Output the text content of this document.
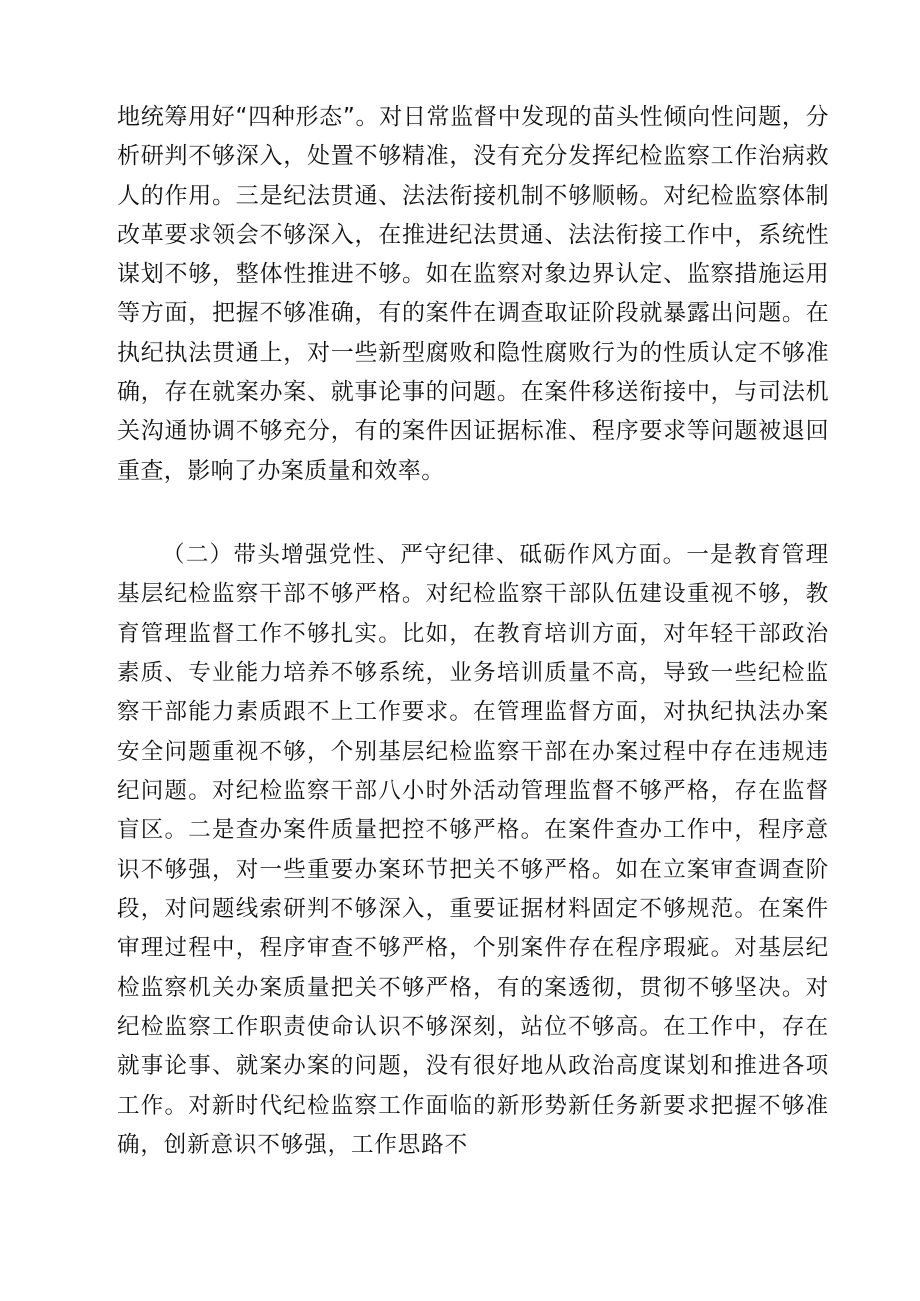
地统筹用好“四种形态”。对日常监督中发现的苗头性倾向性问题，分析研判不够深入，处置不够精准，没有充分发挥纪检监察工作治病救人的作用。三是纪法贯通、法法衔接机制不够顺畅。对纪检监察体制改革要求领会不够深入，在推进纪法贯通、法法衔接工作中，系统性谋划不够，整体性推进不够。如在监察对象边界认定、监察措施运用等方面，把握不够准确，有的案件在调查取证阶段就暴露出问题。在执纪执法贯通上，对一些新型腐败和隐性腐败行为的性质认定不够准确，存在就案办案、就事论事的问题。在案件移送衔接中，与司法机关沟通协调不够充分，有的案件因证据标准、程序要求等问题被退回重查，影响了办案质量和效率。

（二）带头增强党性、严守纪律、砥砺作风方面。一是教育管理基层纪检监察干部不够严格。对纪检监察干部队伍建设重视不够，教育管理监督工作不够扎实。比如，在教育培训方面，对年轻干部政治素质、专业能力培养不够系统，业务培训质量不高，导致一些纪检监察干部能力素质跟不上工作要求。在管理监督方面，对执纪执法办案安全问题重视不够，个别基层纪检监察干部在办案过程中存在违规违纪问题。对纪检监察干部八小时外活动管理监督不够严格，存在监督盲区。二是查办案件质量把控不够严格。在案件查办工作中，程序意识不够强，对一些重要办案环节把关不够严格。如在立案审查调查阶段，对问题线索研判不够深入，重要证据材料固定不够规范。在案件审理过程中，程序审查不够严格，个别案件存在程序瑕疵。对基层纪检监察机关办案质量把关不够严格，有的案透彻，贯彻不够坚决。对纪检监察工作职责使命认识不够深刻，站位不够高。在工作中，存在就事论事、就案办案的问题，没有很好地从政治高度谋划和推进各项工作。对新时代纪检监察工作面临的新形势新任务新要求把握不够准确，创新意识不够强，工作思路不
